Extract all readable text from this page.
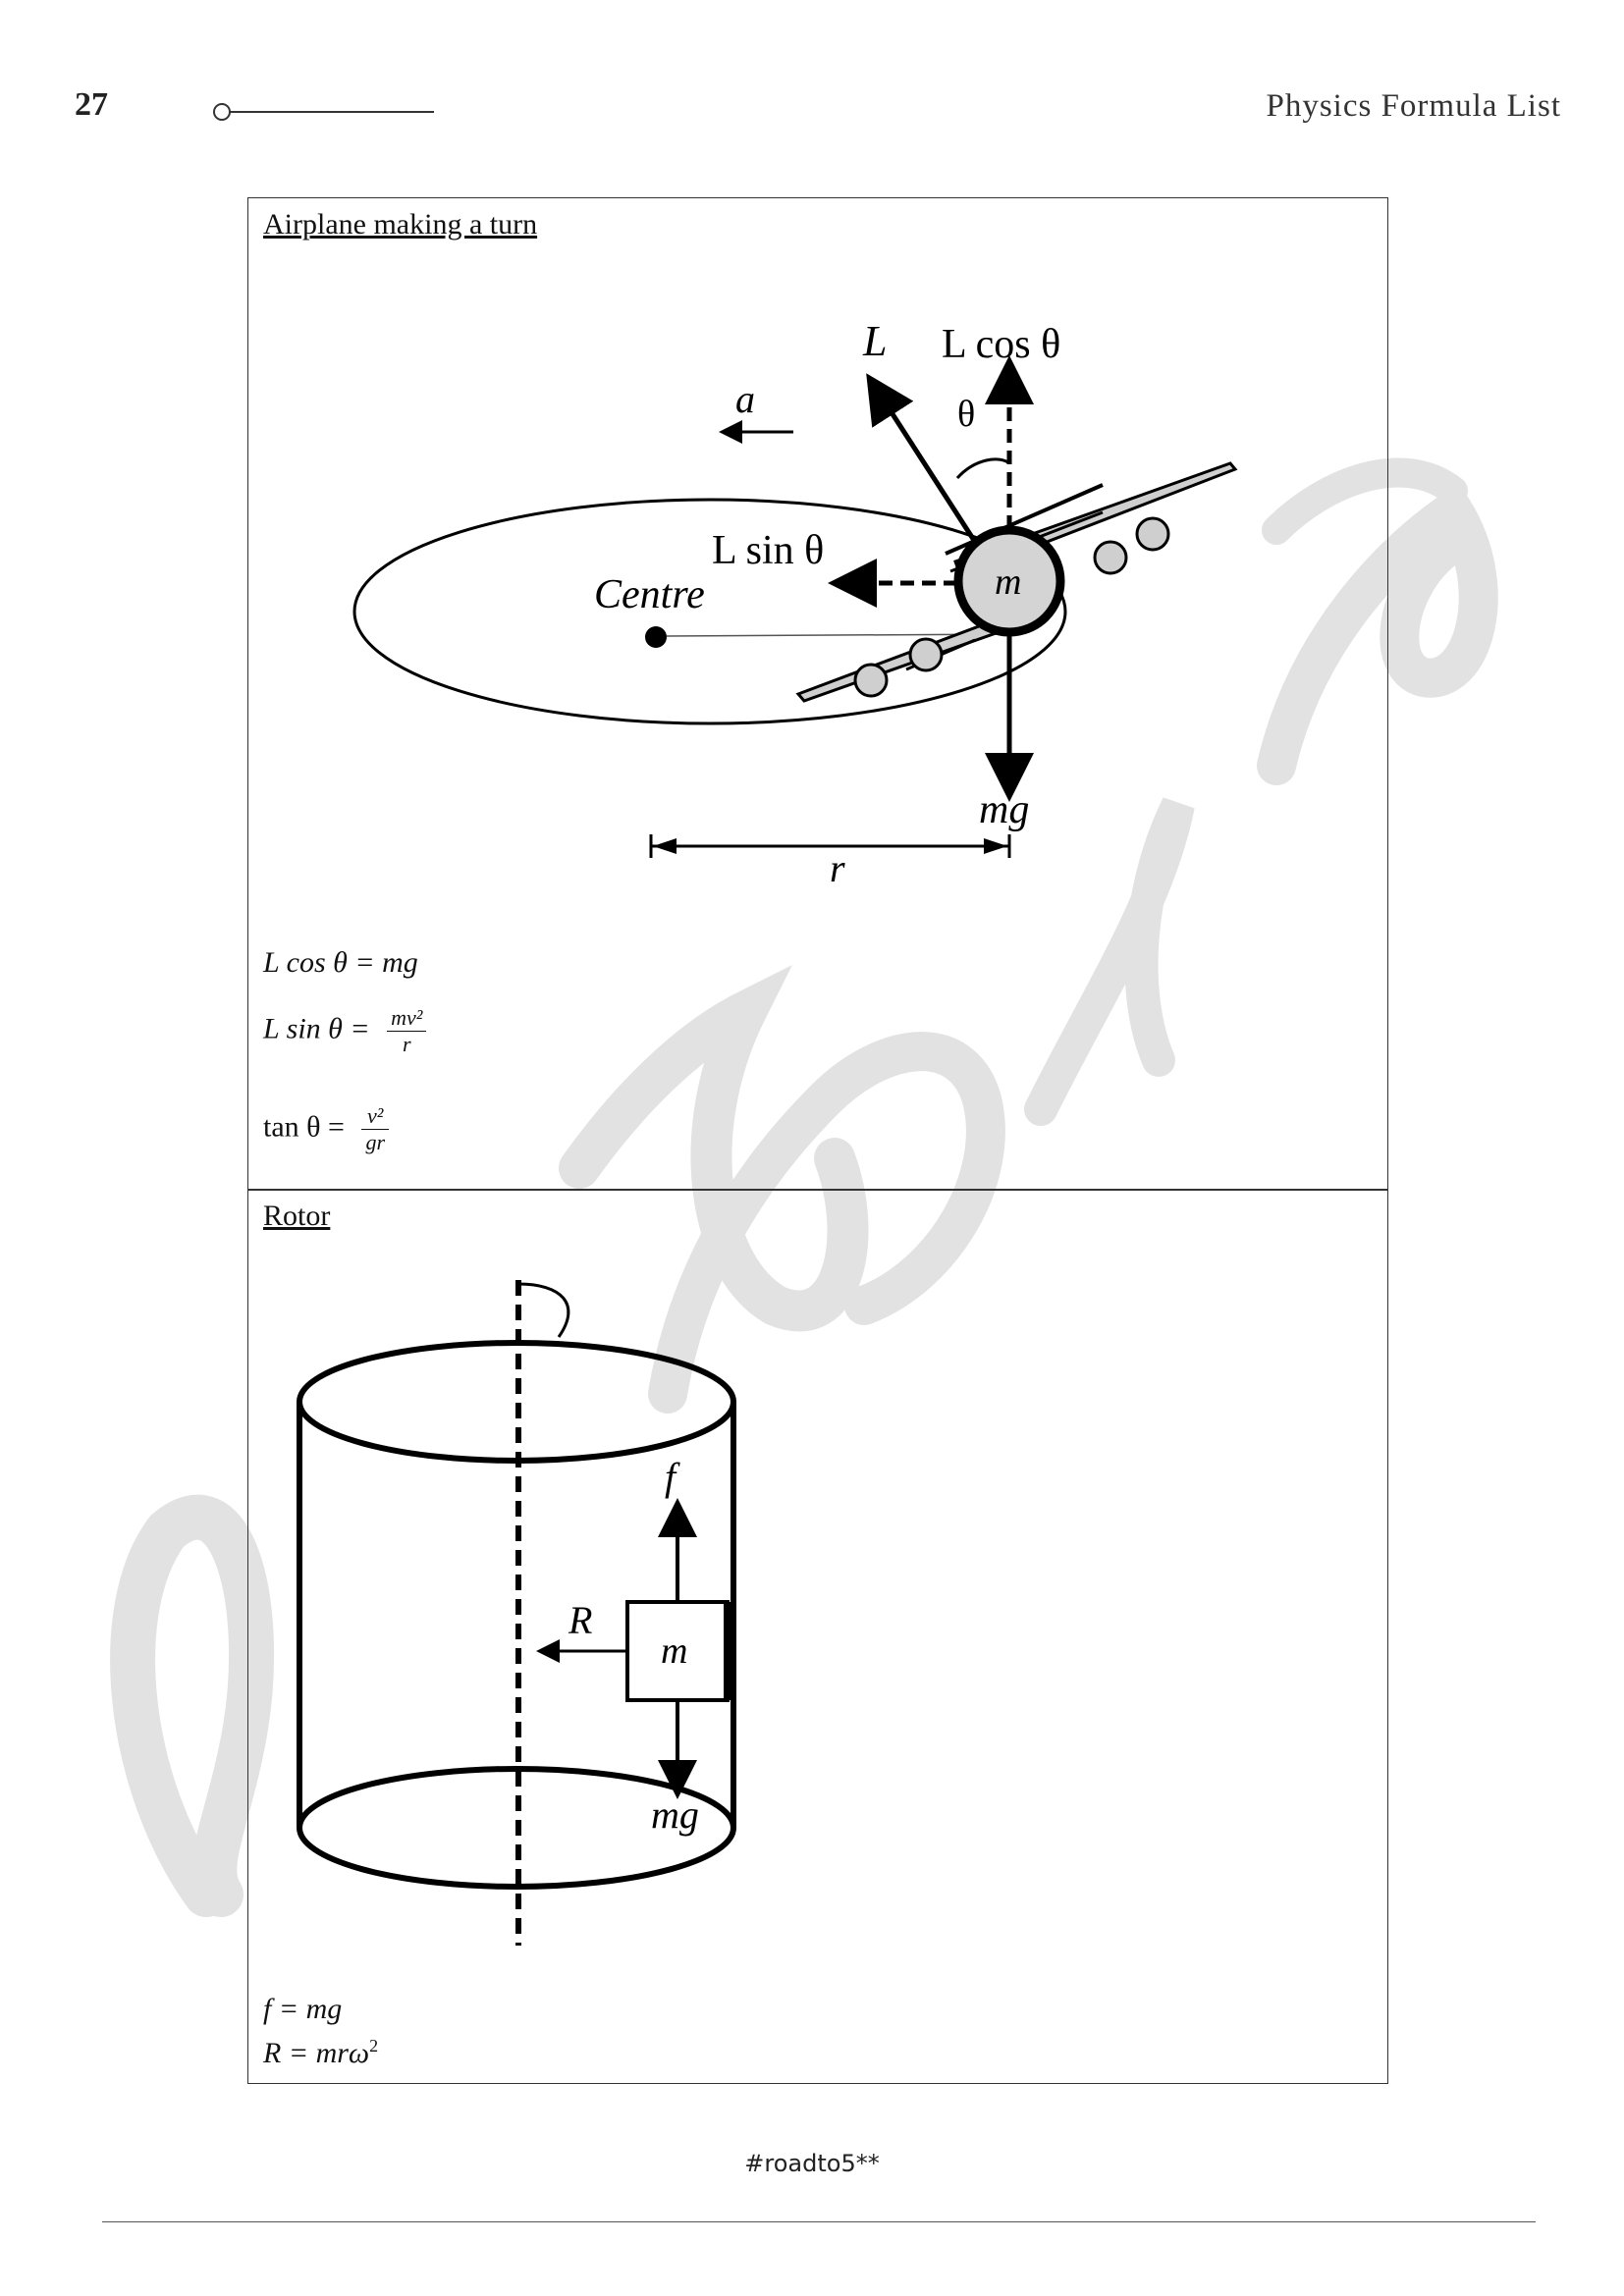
27	Physics Formula List
Airplane making a turn
L L cos θ
θ
a
L sin θ
Centre	m
mg
r
L cos θ = mg
L $\sin \theta = \frac{\text{mv²}}{r}$
$\tan \theta = \frac{\text{v²}}{gr}$
Rotor
f
R
m
mg
f = mg
R = mrω$^2$
#roadto5**
